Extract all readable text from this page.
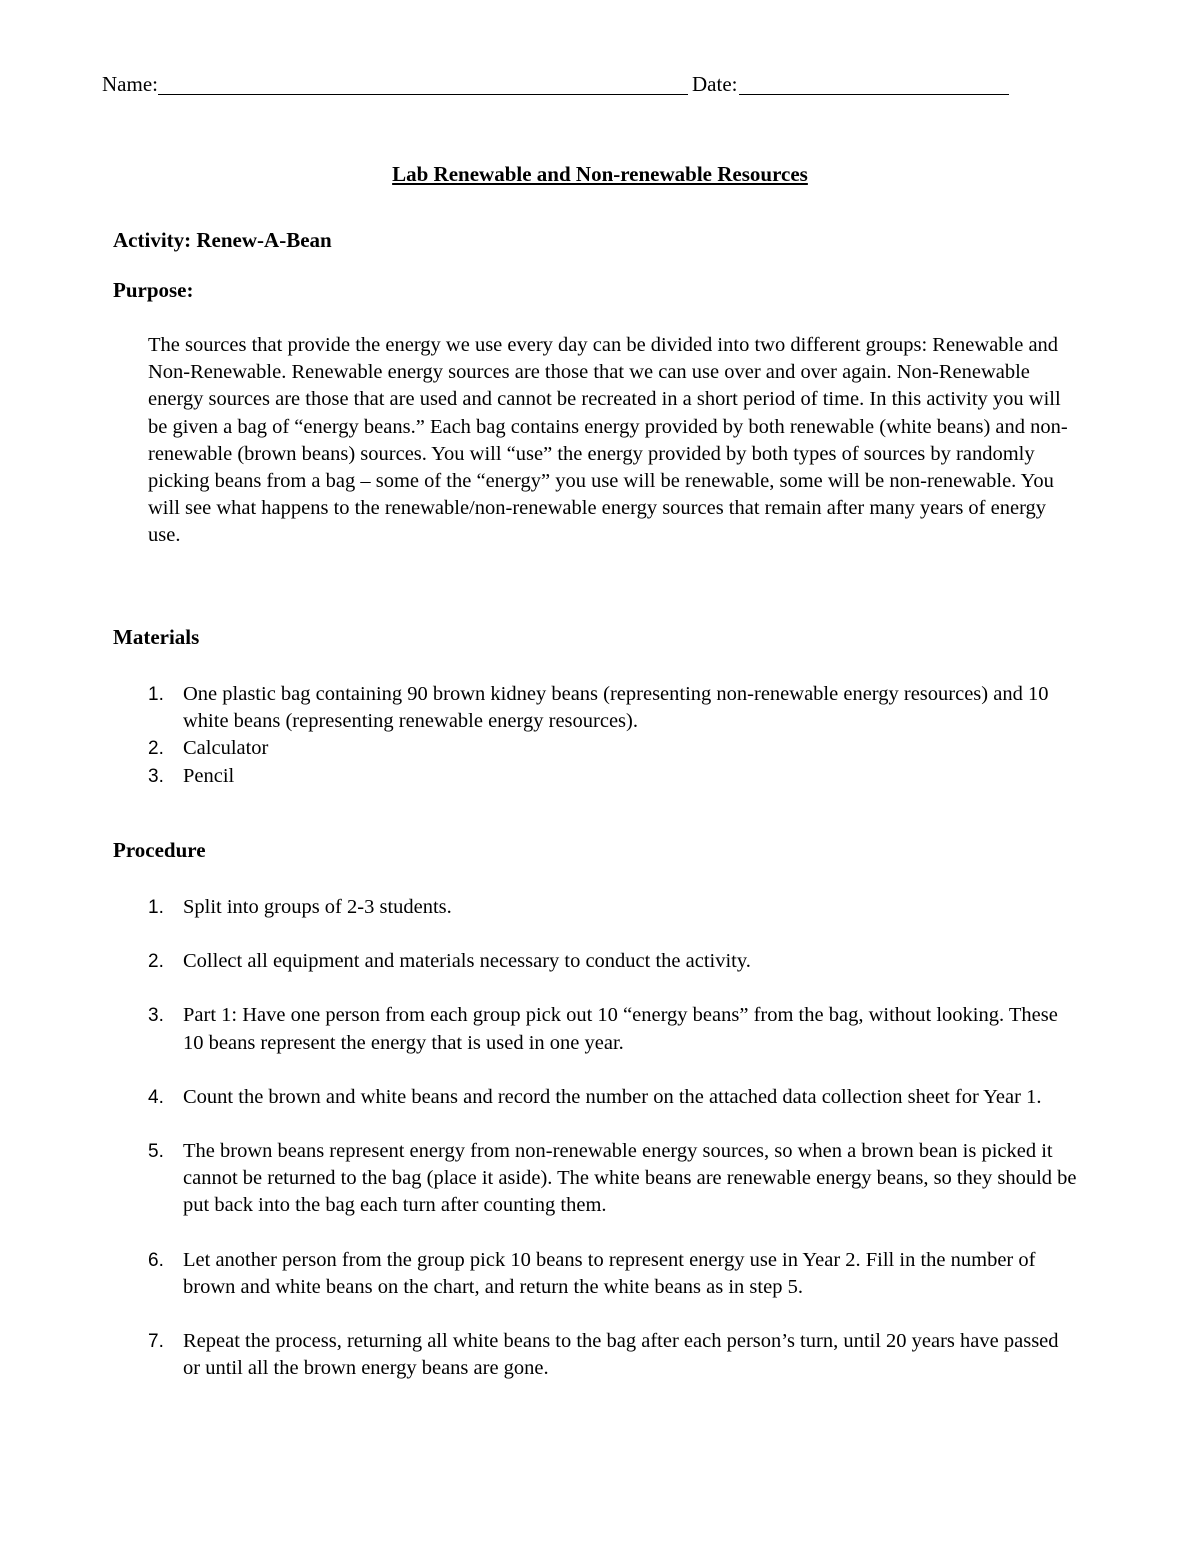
Name:	Date:
Lab Renewable and Non-renewable Resources
Activity: Renew-A-Bean
Purpose:

The sources that provide the energy we use every day can be divided into two different groups: Renewable and Non-Renewable. Renewable energy sources are those that we can use over and over again. Non-Renewable energy sources are those that are used and cannot be recreated in a short period of time. In this activity you will be given a bag of “energy beans.” Each bag contains energy provided by both renewable (white beans) and non-renewable (brown beans) sources. You will “use” the energy provided by both types of sources by randomly picking beans from a bag – some of the “energy” you use will be renewable, some will be non-renewable. You will see what happens to the renewable/non-renewable energy sources that remain after many years of energy use.

Materials
1. One plastic bag containing 90 brown kidney beans (representing non-renewable energy resources) and 10 white beans (representing renewable energy resources).
2. Calculator
3. Pencil
Procedure
1. Split into groups of 2-3 students.
2. Collect all equipment and materials necessary to conduct the activity.
3. Part 1: Have one person from each group pick out 10 “energy beans” from the bag, without looking. These 10 beans represent the energy that is used in one year.
4. Count the brown and white beans and record the number on the attached data collection sheet for Year 1.
5. The brown beans represent energy from non-renewable energy sources, so when a brown bean is picked it cannot be returned to the bag (place it aside). The white beans are renewable energy beans, so they should be put back into the bag each turn after counting them.
6. Let another person from the group pick 10 beans to represent energy use in Year 2. Fill in the number of brown and white beans on the chart, and return the white beans as in step 5.
7. Repeat the process, returning all white beans to the bag after each person’s turn, until 20 years have passed or until all the brown energy beans are gone.
